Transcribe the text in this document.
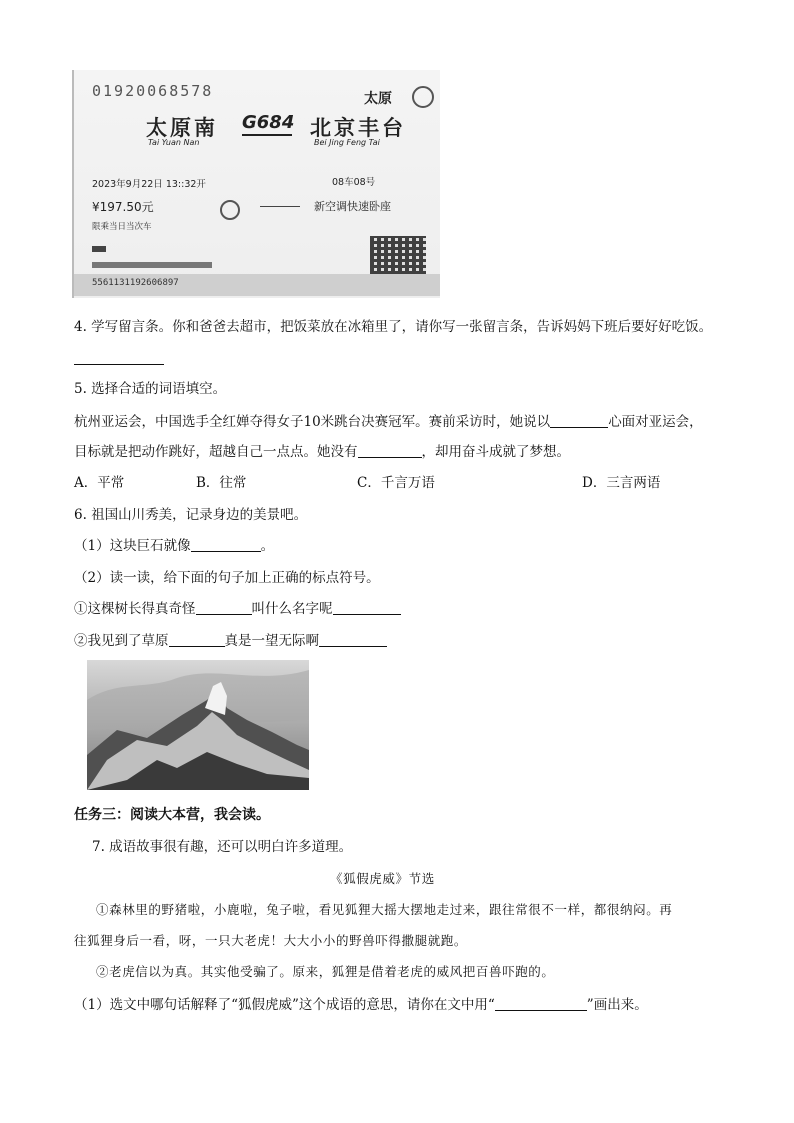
01920068578	太原
太原南 G684 北京丰台
Tai Yuan Nan	Bei Jing Feng Tai
2023年9月22日 13::32开	08车08号
¥197.50元	新空调快速卧座
限乘当日当次车
5561131192606897
4. 学写留言条。你和爸爸去超市，把饭菜放在冰箱里了，请你写一张留言条，告诉妈妈下班后要好好吃饭。
5. 选择合适的词语填空。
杭州亚运会，中国选手全红婵夺得女子10米跳台决赛冠军。赛前采访时，她说以	心面对亚运会，
目标就是把动作跳好，超越自己一点点。她没有	，却用奋斗成就了梦想。
A．平常	B．往常	C．千言万语	D．三言两语
6. 祖国山川秀美，记录身边的美景吧。
（1）这块巨石就像	。
（2）读一读，给下面的句子加上正确的标点符号。
①这棵树长得真奇怪	叫什么名字呢
②我见到了草原	真是一望无际啊
任务三：阅读大本营，我会读。
7. 成语故事很有趣，还可以明白许多道理。
《狐假虎威》节选
①森林里的野猪啦，小鹿啦，兔子啦，看见狐狸大摇大摆地走过来，跟往常很不一样，都很纳闷。再
往狐狸身后一看，呀，一只大老虎！大大小小的野兽吓得撒腿就跑。
②老虎信以为真。其实他受骗了。原来，狐狸是借着老虎的威风把百兽吓跑的。
（1）选文中哪句话解释了“狐假虎威”这个成语的意思，请你在文中用“	”画出来。
